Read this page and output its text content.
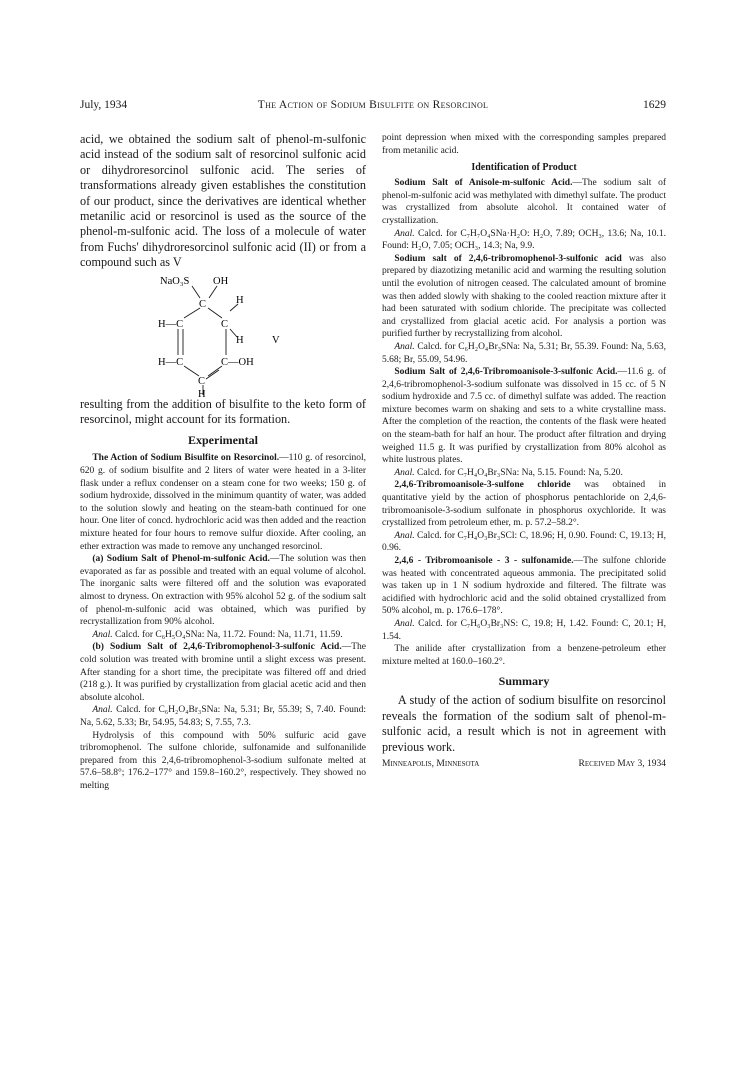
July, 1934	The Action of Sodium Bisulfite on Resorcinol	1629

acid, we obtained the sodium salt of phenol-m-sulfonic acid instead of the sodium salt of resorcinol sulfonic acid or dihydroresorcinol sulfonic acid. The series of transformations already given establishes the constitution of our product, since the derivatives are identical whether metanilic acid or resorcinol is used as the source of the phenol-m-sulfonic acid. The loss of a molecule of water from Fuchs' dihydroresorcinol sulfonic acid (II) or from a compound such as V

NaO₃S OH
C	H
H—C	C
H	V
H—C	C—OH
C
H

resulting from the addition of bisulfite to the keto form of resorcinol, might account for its formation.

Experimental

The Action of Sodium Bisulfite on Resorcinol.—110 g. of resorcinol, 620 g. of sodium bisulfite and 2 liters of water were heated in a 3-liter flask under a reflux condenser on a steam cone for two weeks; 150 g. of sodium hydroxide, dissolved in the minimum quantity of water, was added to the solution slowly and heating on the steam-bath continued for one hour. One liter of concd. hydrochloric acid was then added and the reaction mixture heated for four hours to remove sulfur dioxide. After cooling, an ether extraction was made to remove any unchanged resorcinol.

(a) Sodium Salt of Phenol-m-sulfonic Acid.—The solution was then evaporated as far as possible and treated with an equal volume of alcohol. The inorganic salts were filtered off and the solution was evaporated almost to dryness. On extraction with 95% alcohol 52 g. of the sodium salt of phenol-m-sulfonic acid was obtained, which was purified by recrystallization from 90% alcohol.

Anal. Calcd. for C₆H₅O₄SNa: Na, 11.72. Found: Na, 11.71, 11.59.

(b) Sodium Salt of 2,4,6-Tribromophenol-3-sulfonic Acid.—The cold solution was treated with bromine until a slight excess was present. After standing for a short time, the precipitate was filtered off and dried (218 g.). It was purified by crystallization from glacial acetic acid and then absolute alcohol.

Anal. Calcd. for C₆H₂O₄Br₃SNa: Na, 5.31; Br, 55.39; S, 7.40. Found: Na, 5.62, 5.33; Br, 54.95, 54.83; S, 7.55, 7.3.

Hydrolysis of this compound with 50% sulfuric acid gave tribromophenol. The sulfone chloride, sulfonamide and sulfonanilide prepared from this 2,4,6-tribromophenol-3-sodium sulfonate melted at 57.6–58.8°; 176.2–177° and 159.8–160.2°, respectively. They showed no melting

point depression when mixed with the corresponding samples prepared from metanilic acid.

Identification of Product

Sodium Salt of Anisole-m-sulfonic Acid.—The sodium salt of phenol-m-sulfonic acid was methylated with dimethyl sulfate. The product was crystallized from absolute alcohol. It contained water of crystallization.

Anal. Calcd. for C₇H₇O₄SNa·H₂O: H₂O, 7.89; OCH₃, 13.6; Na, 10.1. Found: H₂O, 7.05; OCH₃, 14.3; Na, 9.9.

Sodium salt of 2,4,6-tribromophenol-3-sulfonic acid was also prepared by diazotizing metanilic acid and warming the resulting solution until the evolution of nitrogen ceased. The calculated amount of bromine was then added slowly with shaking to the cooled reaction mixture after it had been saturated with sodium chloride. The precipitate was collected and crystallized from glacial acetic acid. For analysis a portion was purified further by recrystallizing from alcohol.

Anal. Calcd. for C₆H₂O₄Br₃SNa: Na, 5.31; Br, 55.39. Found: Na, 5.63, 5.68; Br, 55.09, 54.96.

Sodium Salt of 2,4,6-Tribromoanisole-3-sulfonic Acid.—11.6 g. of 2,4,6-tribromophenol-3-sodium sulfonate was dissolved in 15 cc. of 5 N sodium hydroxide and 7.5 cc. of dimethyl sulfate was added. The reaction mixture becomes warm on shaking and sets to a white crystalline mass. After the completion of the reaction, the contents of the flask were heated on the steam-bath for half an hour. The product after filtration and drying weighed 11.5 g. It was purified by crystallization from 80% alcohol as white lustrous plates.

Anal. Calcd. for C₇H₄O₄Br₃SNa: Na, 5.15. Found: Na, 5.20.

2,4,6-Tribromoanisole-3-sulfone chloride was obtained in quantitative yield by the action of phosphorus pentachloride on 2,4,6-tribromoanisole-3-sodium sulfonate in phosphorus oxychloride. It was crystallized from petroleum ether, m. p. 57.2–58.2°.

Anal. Calcd. for C₇H₄O₃Br₃SCl: C, 18.96; H, 0.90. Found: C, 19.13; H, 0.96.

2,4,6 - Tribromoanisole - 3 - sulfonamide.—The sulfone chloride was heated with concentrated aqueous ammonia. The precipitated solid was taken up in 1 N sodium hydroxide and filtered. The filtrate was acidified with hydrochloric acid and the solid obtained crystallized from 50% alcohol, m. p. 176.6–178°.

Anal. Calcd. for C₇H₆O₃Br₃NS: C, 19.8; H, 1.42. Found: C, 20.1; H, 1.54.

The anilide after crystallization from a benzene-petroleum ether mixture melted at 160.0–160.2°.

Summary

A study of the action of sodium bisulfite on resorcinol reveals the formation of the sodium salt of phenol-m-sulfonic acid, a result which is not in agreement with previous work.

Minneapolis, Minnesota	Received May 3, 1934
